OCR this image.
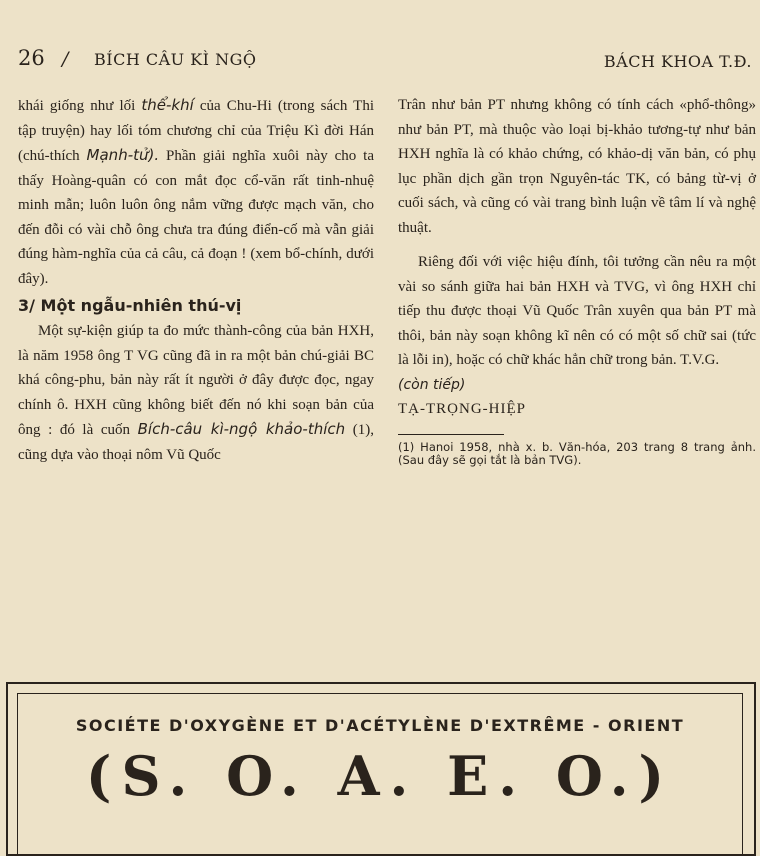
26 / BÍCH CÂU KÌ NGỘ	BÁCH KHOA T.Đ.

khái giống như lối thể-khí của Chu-Hi (trong sách Thi tập truyện) hay lối tóm chương chỉ của Triệu Kì đời Hán (chú-thích Mạnh-tử). Phần giải nghĩa xuôi này cho ta thấy Hoàng-quân có con mắt đọc cổ-văn rất tinh-nhuệ minh mẫn; luôn luôn ông nắm vững được mạch văn, cho đến đỗi có vài chỗ ông chưa tra đúng điển-cố mà vẫn giải đúng hàm-nghĩa của cả câu, cả đoạn ! (xem bổ-chính, dưới đây).

3/ Một ngẫu-nhiên thú-vị

Một sự-kiện giúp ta đo mức thành-công của bản HXH, là năm 1958 ông T VG cũng đã in ra một bản chú-giải BC khá công-phu, bản này rất ít người ở đây được đọc, ngay chính ô. HXH cũng không biết đến nó khi soạn bản của ông : đó là cuốn Bích-câu kì-ngộ khảo-thích (1), cũng dựa vào thoại nôm Vũ Quốc

Trân như bản PT nhưng không có tính cách «phổ-thông» như bản PT, mà thuộc vào loại bị-khảo tương-tự như bản HXH nghĩa là có khảo chứng, có khảo-dị văn bản, có phụ lục phần dịch gần trọn Nguyên-tác TK, có bảng từ-vị ở cuối sách, và cũng có vài trang bình luận về tâm lí và nghệ thuật.

Riêng đối với việc hiệu đính, tôi tưởng cần nêu ra một vài so sánh giữa hai bản HXH và TVG, vì ông HXH chỉ tiếp thu được thoại Vũ Quốc Trân xuyên qua bản PT mà thôi, bản này soạn không kĩ nên có có một số chữ sai (tức là lỗi in), hoặc có chữ khác hẳn chữ trong bản. T.V.G.

(còn tiếp)

TẠ-TRỌNG-HIỆP

(1) Hanoi 1958, nhà x. b. Văn-hóa, 203 trang 8 trang ảnh. (Sau đây sẽ gọi tắt là bản TVG).

SOCIÉTE D'OXYGÈNE ET D'ACÉTYLÈNE D'EXTRÊME - ORIENT
(S. O. A. E. O.)
